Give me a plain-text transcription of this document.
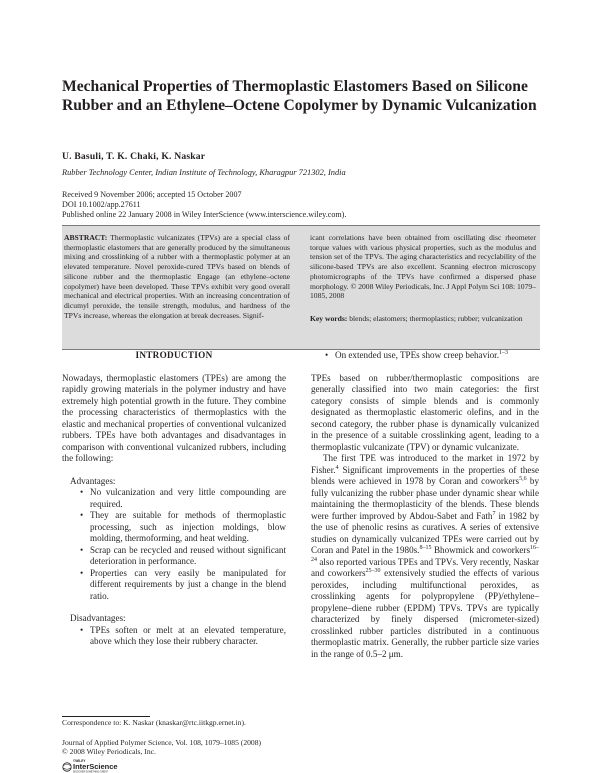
Mechanical Properties of Thermoplastic Elastomers Based on Silicone Rubber and an Ethylene–Octene Copolymer by Dynamic Vulcanization
U. Basuli, T. K. Chaki, K. Naskar
Rubber Technology Center, Indian Institute of Technology, Kharagpur 721302, India
Received 9 November 2006; accepted 15 October 2007
DOI 10.1002/app.27611
Published online 22 January 2008 in Wiley InterScience (www.interscience.wiley.com).
ABSTRACT: Thermoplastic vulcanizates (TPVs) are a special class of thermoplastic elastomers that are generally produced by the simultaneous mixing and crosslinking of a rubber with a thermoplastic polymer at an elevated temperature. Novel peroxide-cured TPVs based on blends of silicone rubber and the thermoplastic Engage (an ethylene–octene copolymer) have been developed. These TPVs exhibit very good overall mechanical and electrical properties. With an increasing concentration of dicumyl peroxide, the tensile strength, modulus, and hardness of the TPVs increase, whereas the elongation at break decreases. Signif-
icant correlations have been obtained from oscillating disc rheometer torque values with various physical properties, such as the modulus and tension set of the TPVs. The aging characteristics and recyclability of the silicone-based TPVs are also excellent. Scanning electron microscopy photomicrographs of the TPVs have confirmed a dispersed phase morphology. © 2008 Wiley Periodicals, Inc. J Appl Polym Sci 108: 1079–1085, 2008
Key words: blends; elastomers; thermoplastics; rubber; vulcanization
INTRODUCTION

Nowadays, thermoplastic elastomers (TPEs) are among the rapidly growing materials in the polymer industry and have extremely high potential growth in the future. They combine the processing characteristics of thermoplastics with the elastic and mechanical properties of conventional vulcanized rubbers. TPEs have both advantages and disadvantages in comparison with conventional vulcanized rubbers, including the following:

Advantages:
• No vulcanization and very little compounding are required.
• They are suitable for methods of thermoplastic processing, such as injection moldings, blow molding, thermoforming, and heat welding.
• Scrap can be recycled and reused without significant deterioration in performance.
• Properties can very easily be manipulated for different requirements by just a change in the blend ratio.
Disadvantages:
• TPEs soften or melt at an elevated temperature, above which they lose their rubbery character.
• On extended use, TPEs show creep behavior.$^{1-3}$

TPEs based on rubber/thermoplastic compositions are generally classified into two main categories: the first category consists of simple blends and is commonly designated as thermoplastic elastomeric olefins, and in the second category, the rubber phase is dynamically vulcanized in the presence of a suitable crosslinking agent, leading to a thermoplastic vulcanizate (TPV) or dynamic vulcanizate.

The first TPE was introduced to the market in 1972 by Fisher.$^4$ Significant improvements in the properties of these blends were achieved in 1978 by Coran and coworkers$^{5,6}$ by fully vulcanizing the rubber phase under dynamic shear while maintaining the thermoplasticity of the blends. These blends were further improved by Abdou-Sabet and Fath$^7$ in 1982 by the use of phenolic resins as curatives. A series of extensive studies on dynamically vulcanized TPEs were carried out by Coran and Patel in the 1980s.$^{8-15}$ Bhowmick and coworkers$^{16-24}$ also reported various TPEs and TPVs. Very recently, Naskar and coworkers$^{25-30}$ extensively studied the effects of various peroxides, including multifunctional peroxides, as crosslinking agents for polypropylene (PP)/ethylene–propylene–diene rubber (EPDM) TPVs. TPVs are typically characterized by finely dispersed (micrometer-sized) crosslinked rubber particles distributed in a continuous thermoplastic matrix. Generally, the rubber particle size varies in the range of 0.5–2 μm.

Correspondence to: K. Naskar (knaskar@rtc.iitkgp.ernet.in).
Journal of Applied Polymer Science, Vol. 108, 1079–1085 (2008)
© 2008 Wiley Periodicals, Inc.
©WILEY
InterScience
DISCOVER SOMETHING GREAT
